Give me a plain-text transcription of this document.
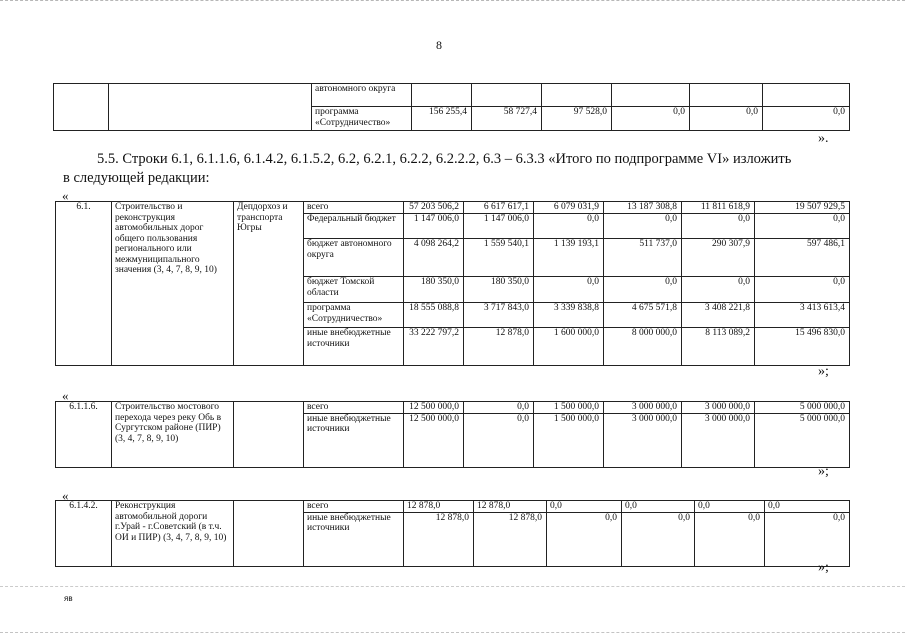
8
		автономного округа						
		программа «Сотрудничество»	156 255,4	58 727,4	97 528,0	0,0	0,0	0,0
».
5.5. Строки 6.1, 6.1.1.6, 6.1.4.2, 6.1.5.2, 6.2, 6.2.1, 6.2.2, 6.2.2.2, 6.3 – 6.3.3 «Итого по подпрограмме VI» изложить
в следующей редакции:
«
6.1.	Строительство и реконструкция автомобильных дорог общего пользования регионального или межмуниципального значения (3, 4, 7, 8, 9, 10)	Депдорхоз и транспорта Югры	всего	57 203 506,2	6 617 617,1	6 079 031,9	13 187 308,8	11 811 618,9	19 507 929,5
			Федеральный бюджет	1 147 006,0	1 147 006,0	0,0	0,0	0,0	0,0
			бюджет автономного округа	4 098 264,2	1 559 540,1	1 139 193,1	511 737,0	290 307,9	597 486,1
			бюджет Томской области	180 350,0	180 350,0	0,0	0,0	0,0	0,0
			программа «Сотрудничество»	18 555 088,8	3 717 843,0	3 339 838,8	4 675 571,8	3 408 221,8	3 413 613,4
			иные внебюджетные источники	33 222 797,2	12 878,0	1 600 000,0	8 000 000,0	8 113 089,2	15 496 830,0
»;
«
6.1.1.6.	Строительство мостового перехода через реку Обь в Сургутском районе (ПИР) (3, 4, 7, 8, 9, 10)		всего	12 500 000,0	0,0	1 500 000,0	3 000 000,0	3 000 000,0	5 000 000,0
			иные внебюджетные источники	12 500 000,0	0,0	1 500 000,0	3 000 000,0	3 000 000,0	5 000 000,0
»;
«
6.1.4.2.	Реконструкция автомобильной дороги г.Урай - г.Советский (в т.ч. ОИ и ПИР) (3, 4, 7, 8, 9, 10)		всего	12 878,0	12 878,0	0,0	0,0	0,0	0,0
			иные внебюджетные источники	12 878,0	12 878,0	0,0	0,0	0,0	0,0
»;
яв
